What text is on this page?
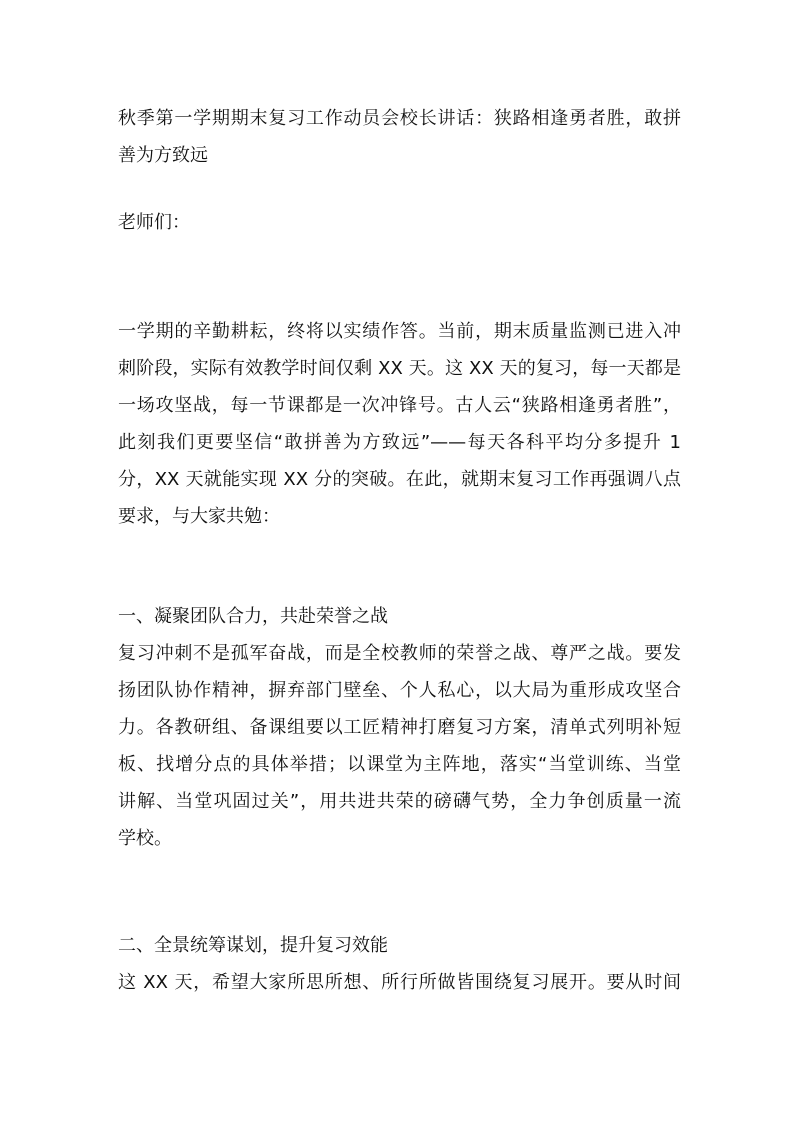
秋季第一学期期末复习工作动员会校长讲话：狭路相逢勇者胜，敢拼
善为方致远
老师们：
一学期的辛勤耕耘，终将以实绩作答。当前，期末质量监测已进入冲
刺阶段，实际有效教学时间仅剩 XX 天。这 XX 天的复习，每一天都是
一场攻坚战，每一节课都是一次冲锋号。古人云“狭路相逢勇者胜”，
此刻我们更要坚信“敢拼善为方致远”——每天各科平均分多提升 1
分，XX 天就能实现 XX 分的突破。在此，就期末复习工作再强调八点
要求，与大家共勉：
一、凝聚团队合力，共赴荣誉之战
复习冲刺不是孤军奋战，而是全校教师的荣誉之战、尊严之战。要发
扬团队协作精神，摒弃部门壁垒、个人私心，以大局为重形成攻坚合
力。各教研组、备课组要以工匠精神打磨复习方案，清单式列明补短
板、找增分点的具体举措；以课堂为主阵地，落实“当堂训练、当堂
讲解、当堂巩固过关”，用共进共荣的磅礴气势，全力争创质量一流
学校。
二、全景统筹谋划，提升复习效能
这 XX 天，希望大家所思所想、所行所做皆围绕复习展开。要从时间
